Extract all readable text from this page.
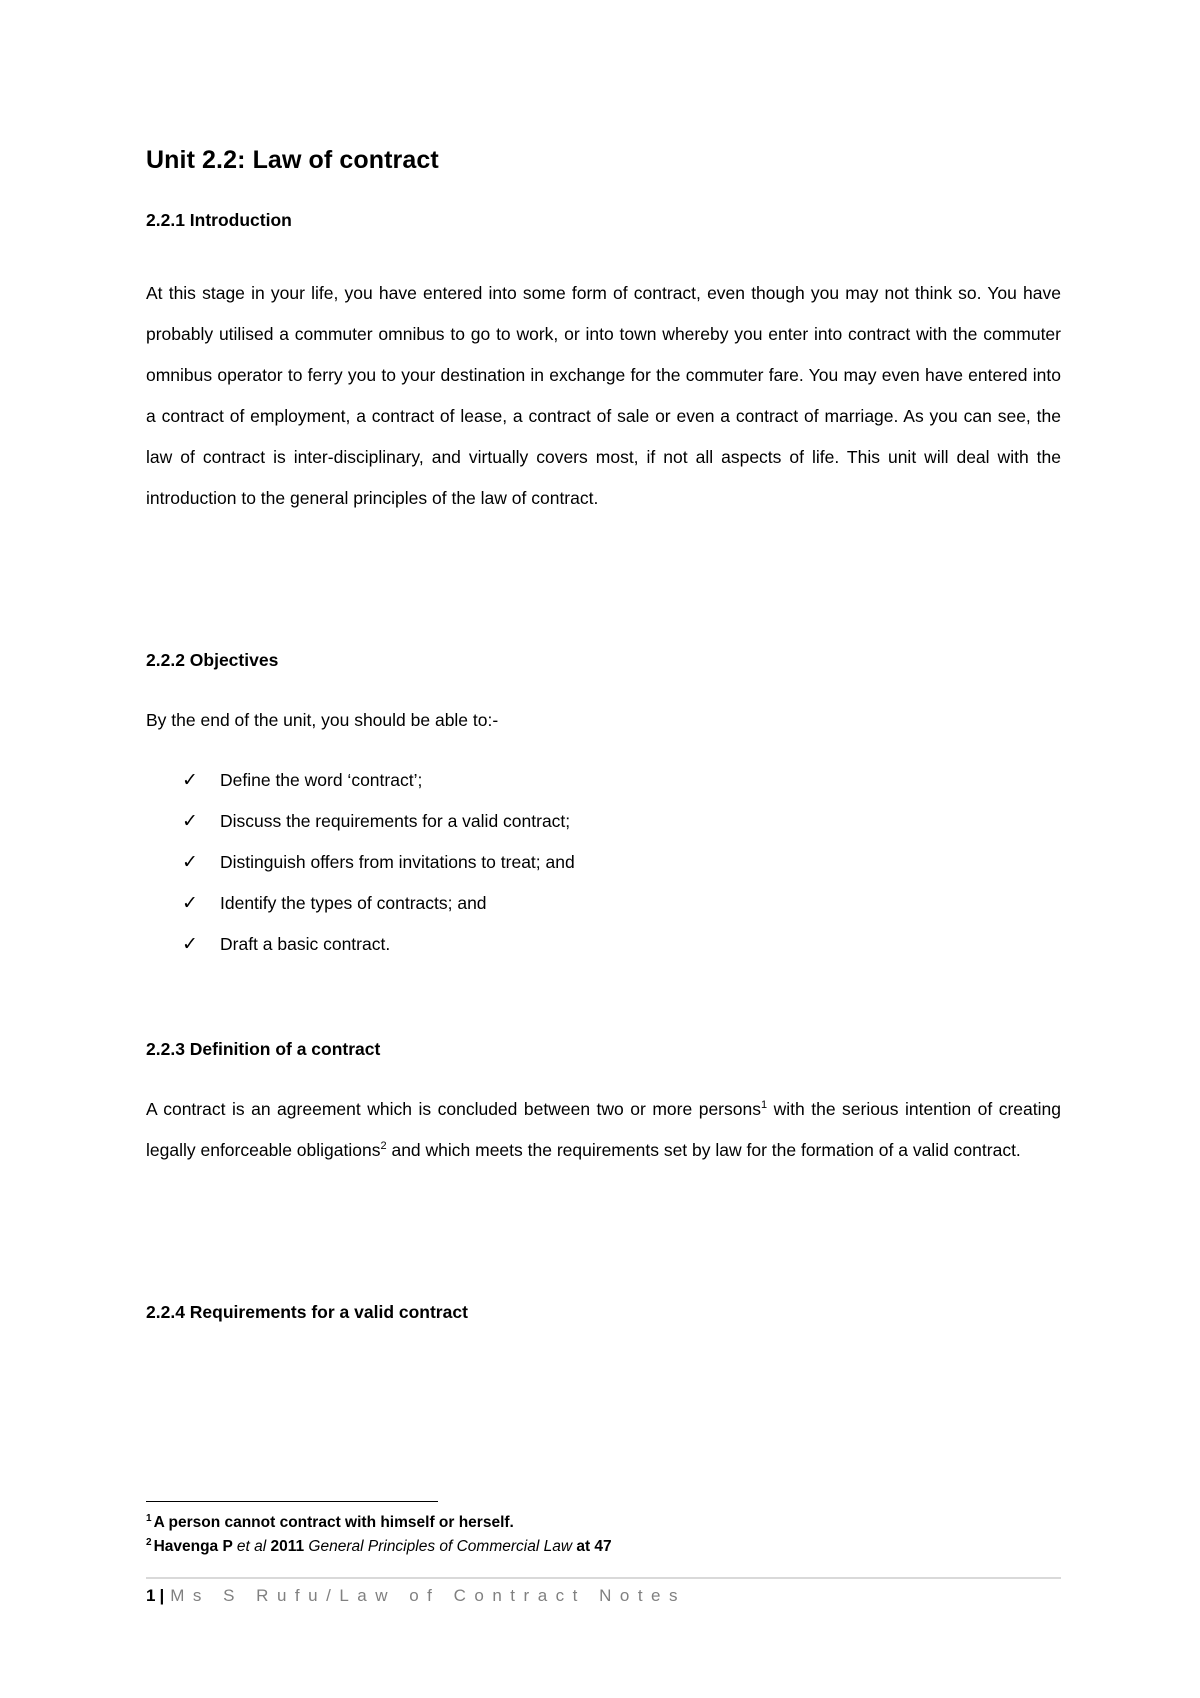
Unit 2.2: Law of contract
2.2.1 Introduction

At this stage in your life, you have entered into some form of contract, even though you may not think so. You have probably utilised a commuter omnibus to go to work, or into town whereby you enter into contract with the commuter omnibus operator to ferry you to your destination in exchange for the commuter fare. You may even have entered into a contract of employment, a contract of lease, a contract of sale or even a contract of marriage. As you can see, the law of contract is inter-disciplinary, and virtually covers most, if not all aspects of life. This unit will deal with the introduction to the general principles of the law of contract.

2.2.2 Objectives

By the end of the unit, you should be able to:-

✓ Define the word ‘contract’;
✓ Discuss the requirements for a valid contract;
✓ Distinguish offers from invitations to treat; and
✓ Identify the types of contracts; and
✓ Draft a basic contract.
2.2.3 Definition of a contract

A contract is an agreement which is concluded between two or more persons$^1$ with the serious intention of creating legally enforceable obligations$^2$ and which meets the requirements set by law for the formation of a valid contract.

2.2.4 Requirements for a valid contract
$^1$ A person cannot contract with himself or herself.
$^2$ Havenga P et al 2011 General Principles of Commercial Law at 47
1 | Ms S Rufu/Law of Contract Notes
